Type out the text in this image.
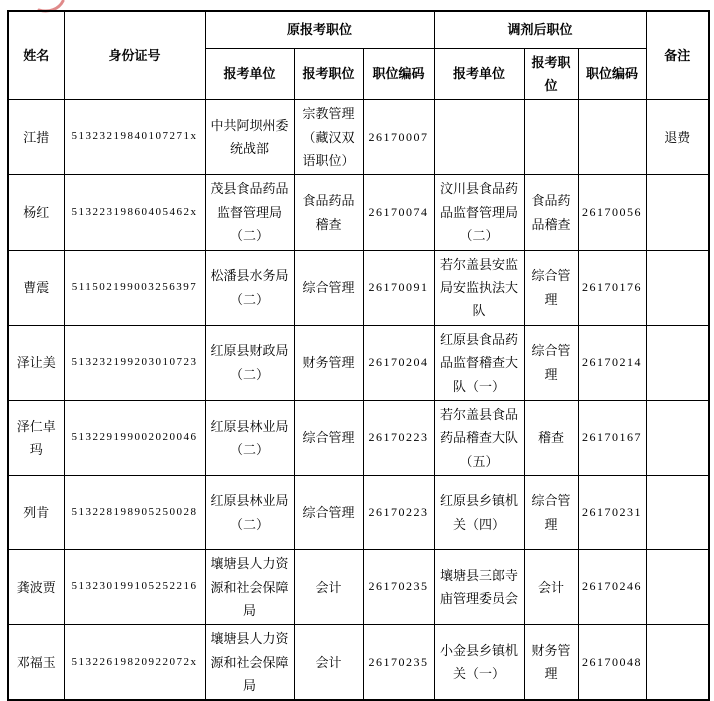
姓名	身份证号	原报考职位			调剂后职位			备注
		报考单位	报考职位	职位编码	报考单位	报考职位	职位编码	
江措	51323219840107271x	中共阿坝州委统战部	宗教管理（藏汉双语职位）	26170007				退费
杨红	51322319860405462x	茂县食品药品监督管理局（二）	食品药品稽查	26170074	汶川县食品药品监督管理局（二）	食品药品稽查	26170056	
曹震	511502199003256397	松潘县水务局（二）	综合管理	26170091	若尔盖县安监局安监执法大队	综合管理	26170176	
泽让美	513232199203010723	红原县财政局（二）	财务管理	26170204	红原县食品药品监督稽查大队（一）	综合管理	26170214	
泽仁卓玛	513229199002020046	红原县林业局（二）	综合管理	26170223	若尔盖县食品药品稽查大队（五）	稽查	26170167	
列肯	513228198905250028	红原县林业局（二）	综合管理	26170223	红原县乡镇机关（四）	综合管理	26170231	
龚波贾	513230199105252216	壤塘县人力资源和社会保障局	会计	26170235	壤塘县三郎寺庙管理委员会	会计	26170246	
邓福玉	51322619820922072x	壤塘县人力资源和社会保障局	会计	26170235	小金县乡镇机关（一）	财务管理	26170048	
